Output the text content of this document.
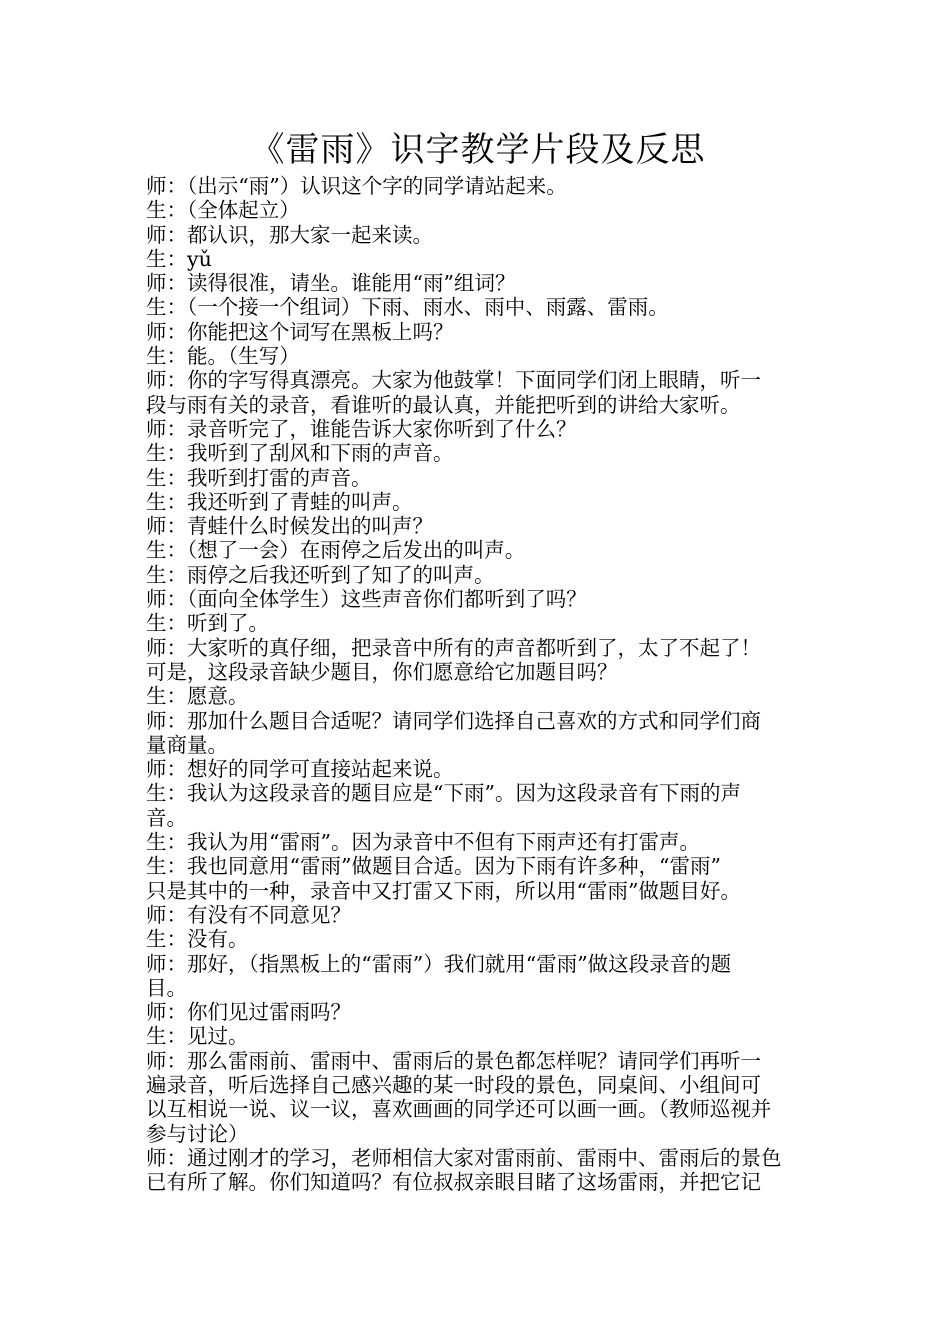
《雷雨》识字教学片段及反思
师：（出示“雨”）认识这个字的同学请站起来。
生：（全体起立）
师：都认识，那大家一起来读。
生：yǔ
师：读得很准，请坐。谁能用“雨”组词？
生：（一个接一个组词）下雨、雨水、雨中、雨露、雷雨。
师：你能把这个词写在黑板上吗？
生：能。（生写）
师：你的字写得真漂亮。大家为他鼓掌！下面同学们闭上眼睛，听一
段与雨有关的录音，看谁听的最认真，并能把听到的讲给大家听。
师：录音听完了，谁能告诉大家你听到了什么？
生：我听到了刮风和下雨的声音。
生：我听到打雷的声音。
生：我还听到了青蛙的叫声。
师：青蛙什么时候发出的叫声？
生：（想了一会）在雨停之后发出的叫声。
生：雨停之后我还听到了知了的叫声。
师：（面向全体学生）这些声音你们都听到了吗？
生：听到了。
师：大家听的真仔细，把录音中所有的声音都听到了，太了不起了！
可是，这段录音缺少题目，你们愿意给它加题目吗？
生：愿意。
师：那加什么题目合适呢？请同学们选择自己喜欢的方式和同学们商
量商量。
师：想好的同学可直接站起来说。
生：我认为这段录音的题目应是“下雨”。因为这段录音有下雨的声
音。
生：我认为用“雷雨”。因为录音中不但有下雨声还有打雷声。
生：我也同意用“雷雨”做题目合适。因为下雨有许多种，“雷雨”
只是其中的一种，录音中又打雷又下雨，所以用“雷雨”做题目好。
师：有没有不同意见？
生：没有。
师：那好，（指黑板上的“雷雨”）我们就用“雷雨”做这段录音的题
目。
师：你们见过雷雨吗？
生：见过。
师：那么雷雨前、雷雨中、雷雨后的景色都怎样呢？请同学们再听一
遍录音，听后选择自己感兴趣的某一时段的景色，同桌间、小组间可
以互相说一说、议一议，喜欢画画的同学还可以画一画。（教师巡视并
参与讨论）
师：通过刚才的学习，老师相信大家对雷雨前、雷雨中、雷雨后的景色
已有所了解。你们知道吗？有位叔叔亲眼目睹了这场雷雨，并把它记
